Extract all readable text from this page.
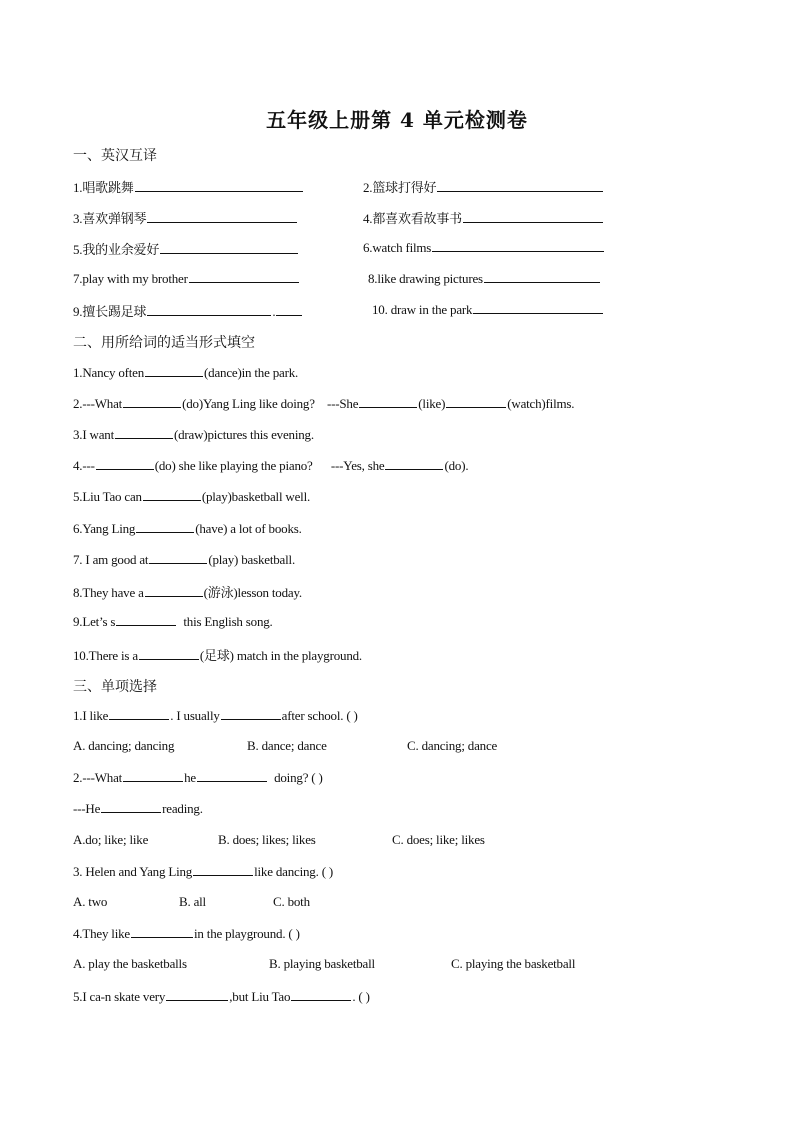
五年级上册第 4 单元检测卷
一、英汉互译
1.唱歌跳舞	2.篮球打得好
3.喜欢弹钢琴	4.都喜欢看故事书
5.我的业余爱好	6.watch films
7.play with my brother	8.like drawing pictures
9.擅长踢足球	.	10. draw in the park
二、用所给词的适当形式填空
1.Nancy often	(dance)in the park.
2.---What	(do)Yang Ling like doing? ---She	(like)	(watch)films.
3.I want	(draw)pictures this evening.
4.---	(do) she like playing the piano? ---Yes, she	(do).
5.Liu Tao can	(play)basketball well.
6.Yang Ling	(have) a lot of books.
7. I am good at	(play) basketball.
8.They have a	(游泳)lesson today.
9.Let’s s	this English song.
10.There is a	(足球) match in the playground.
三、单项选择
1.I like	. I usually	after school. ( )
A. dancing; dancing	B. dance; dance	C. dancing; dance
2.---What	he	doing? ( )
---He	reading.
A.do; like; like	B. does; likes; likes	C. does; like; likes
3. Helen and Yang Ling	like dancing. ( )
A. two	B. all	C. both
4.They like	in the playground. ( )
A. play the basketballs	B. playing basketball	C. playing the basketball
5.I ca-n skate very	,but Liu Tao	. ( )
